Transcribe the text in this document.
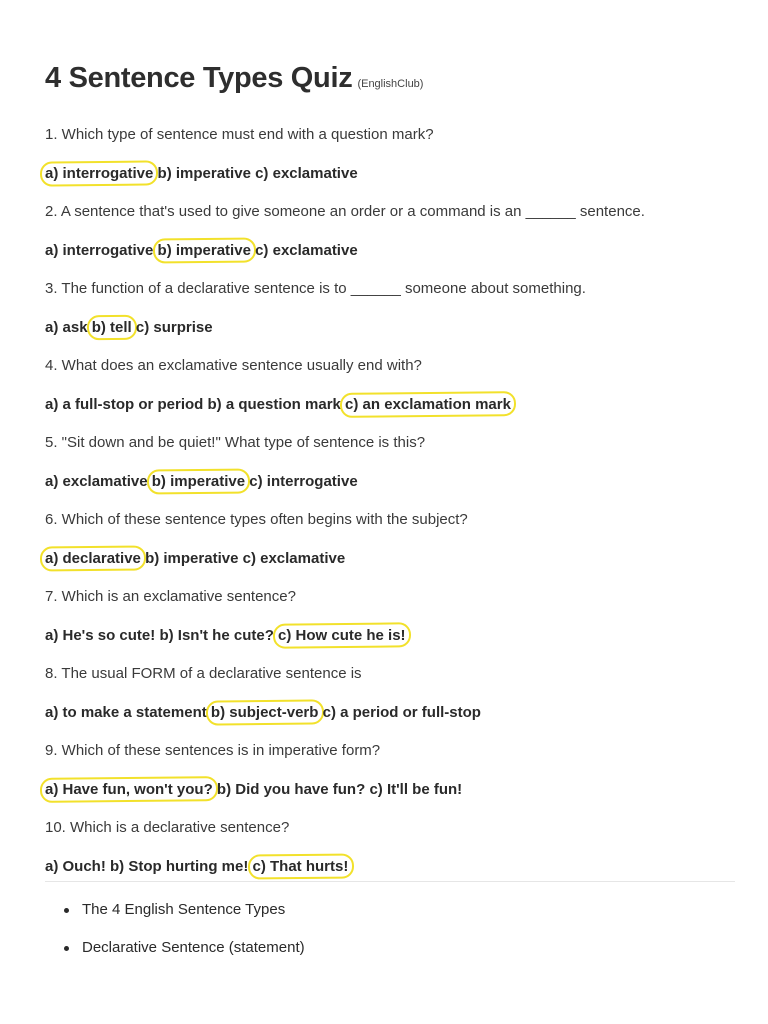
4 Sentence Types Quiz (EnglishClub)
1. Which type of sentence must end with a question mark?
a) interrogative b) imperative c) exclamative
2. A sentence that's used to give someone an order or a command is an ______ sentence.
a) interrogative b) imperative c) exclamative
3. The function of a declarative sentence is to ______ someone about something.
a) ask b) tell c) surprise
4. What does an exclamative sentence usually end with?
a) a full-stop or period b) a question mark c) an exclamation mark
5. "Sit down and be quiet!" What type of sentence is this?
a) exclamative b) imperative c) interrogative
6. Which of these sentence types often begins with the subject?
a) declarative b) imperative c) exclamative
7. Which is an exclamative sentence?
a) He's so cute! b) Isn't he cute? c) How cute he is!
8. The usual FORM of a declarative sentence is
a) to make a statement b) subject-verb c) a period or full-stop
9. Which of these sentences is in imperative form?
a) Have fun, won't you? b) Did you have fun? c) It'll be fun!
10. Which is a declarative sentence?
a) Ouch! b) Stop hurting me! c) That hurts!
The 4 English Sentence Types
Declarative Sentence (statement)
